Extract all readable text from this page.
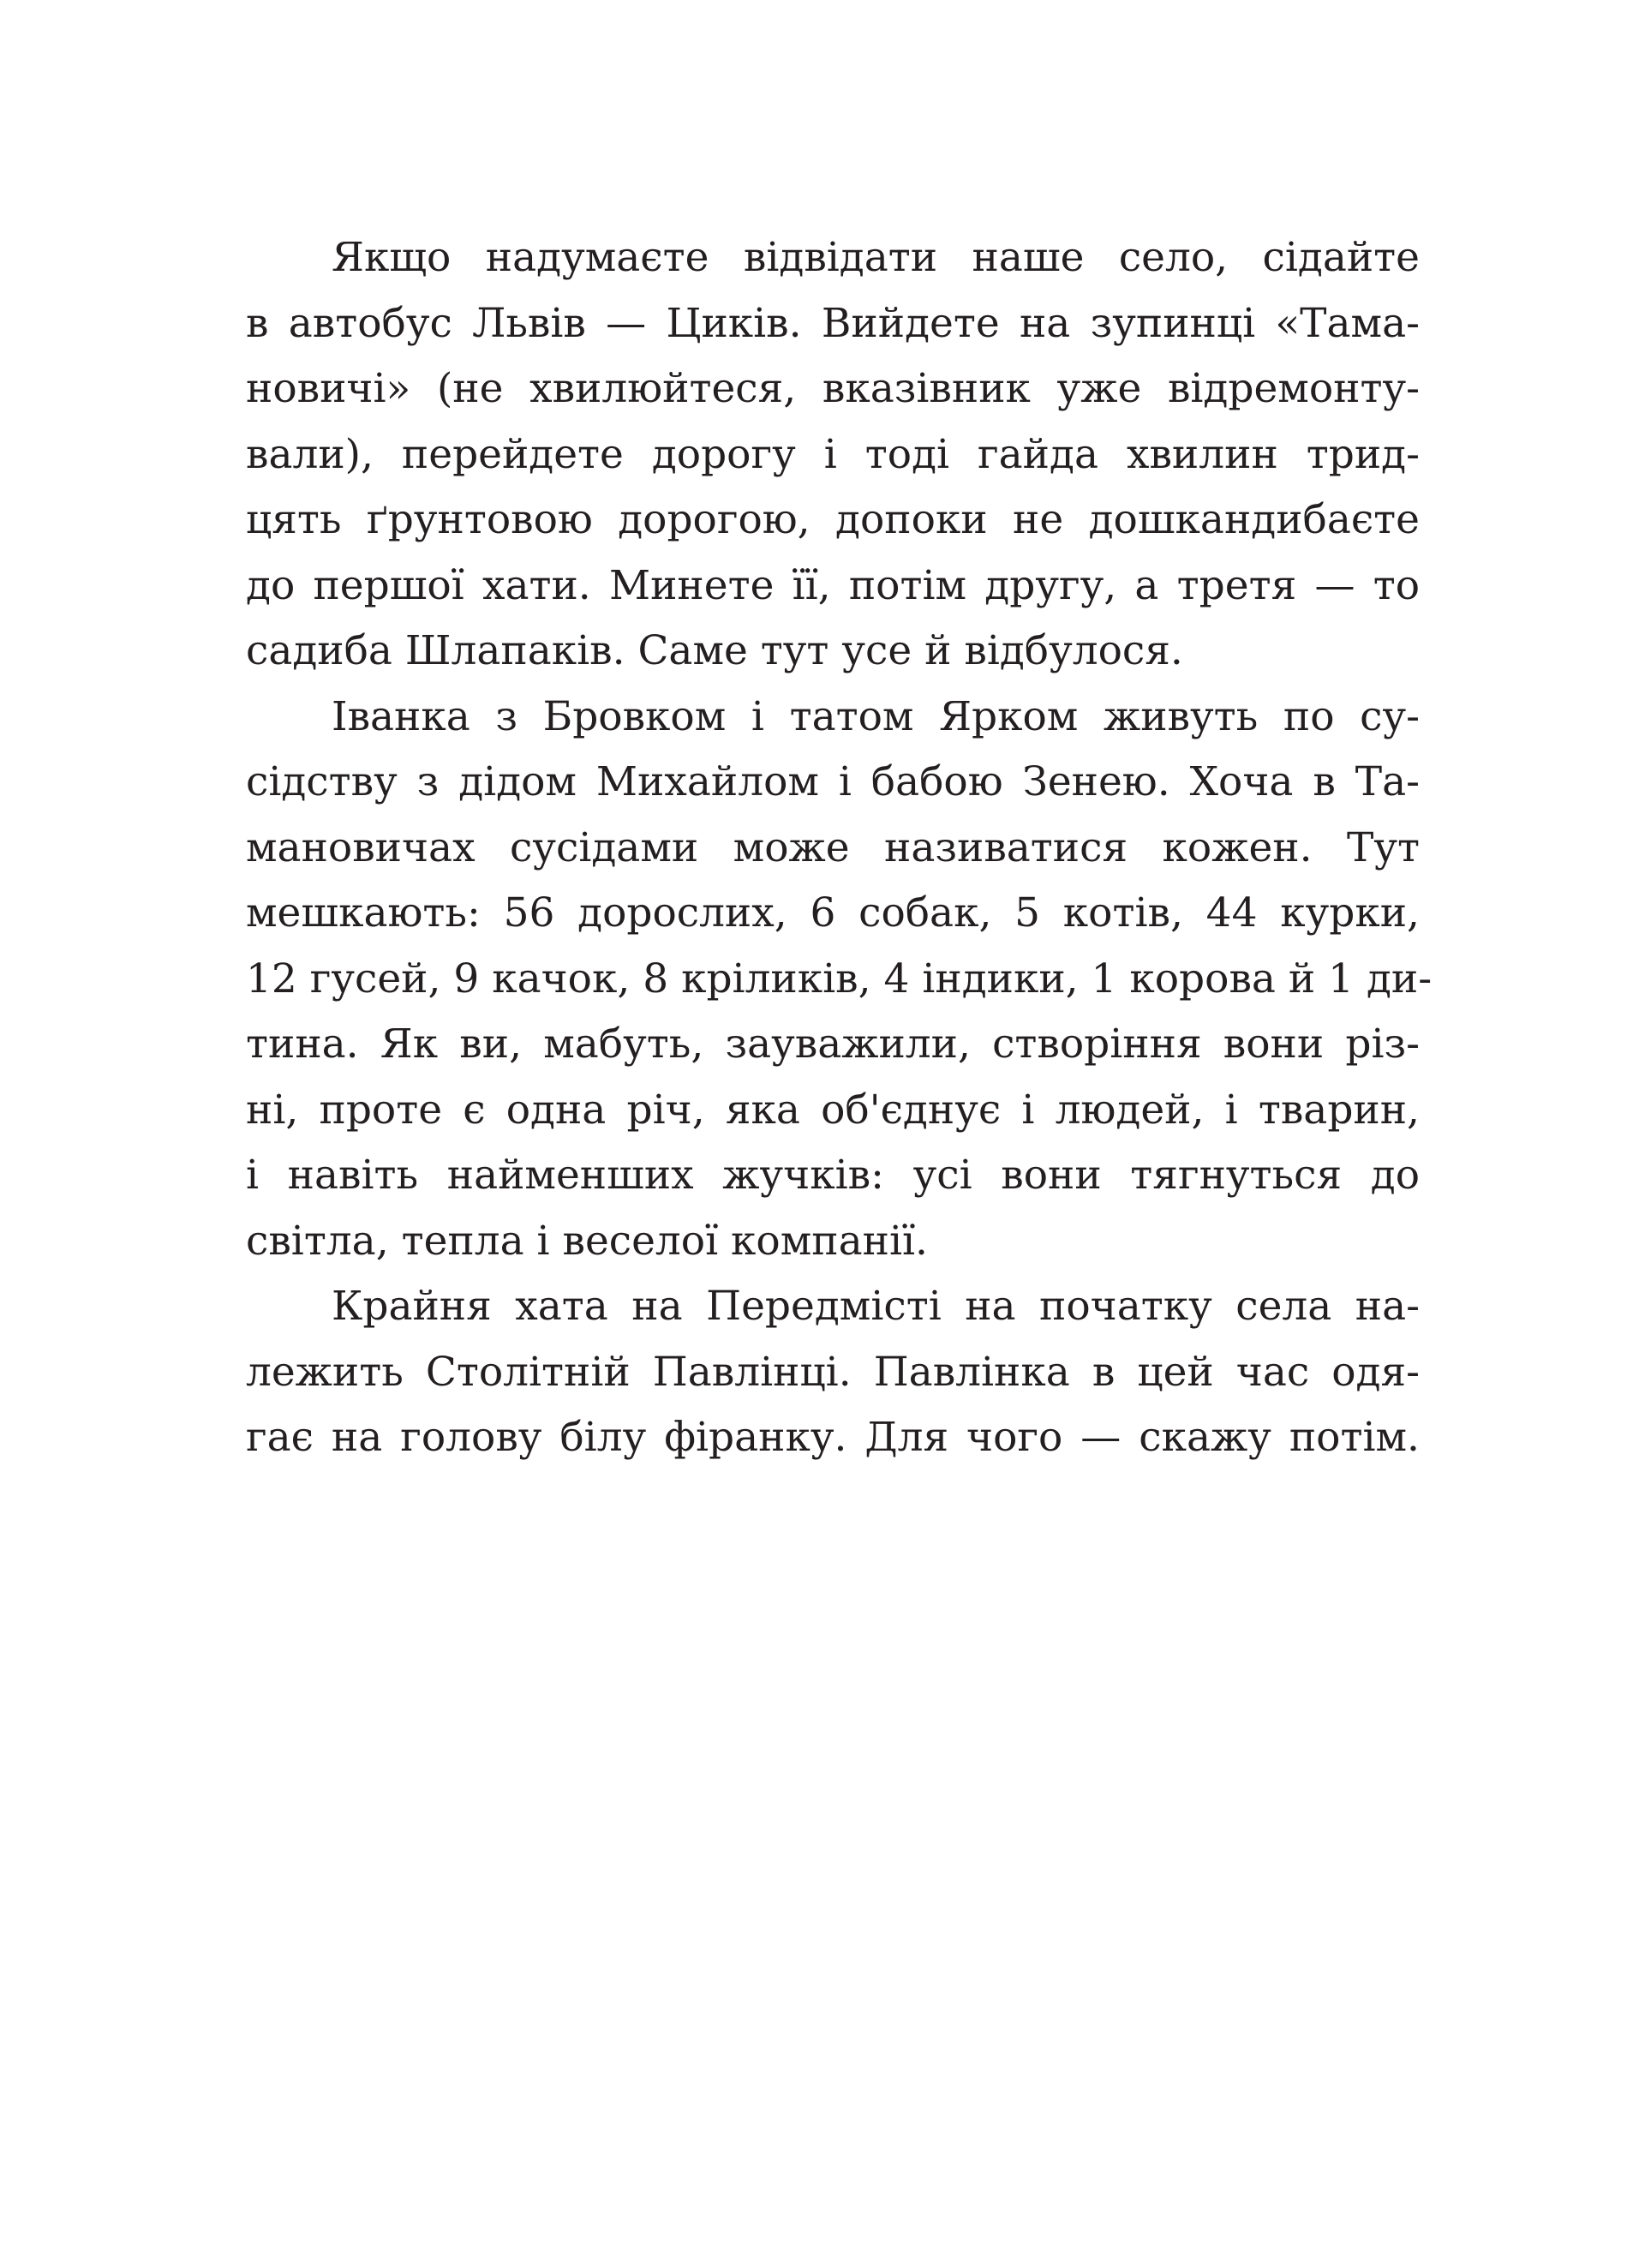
Якщо надумаєте відвідати наше село, сідайте
в автобус Львів — Циків. Вийдете на зупинці «Тама-
новичі» (не хвилюйтеся, вказівник уже відремонту-
вали), перейдете дорогу і тоді гайда хвилин трид-
цять ґрунтовою дорогою, допоки не дошкандибаєте
до першої хати. Минете її, потім другу, а третя — то
садиба Шлапаків. Саме тут усе й відбулося.
Іванка з Бровком і татом Ярком живуть по су-
сідству з дідом Михайлом і бабою Зенею. Хоча в Та-
мановичах сусідами може називатися кожен. Тут
мешкають: 56 дорослих, 6 собак, 5 котів, 44 курки,
12 гусей, 9 качок, 8 кріликів, 4 індики, 1 корова й 1 ди-
тина. Як ви, мабуть, зауважили, створіння вони різ-
ні, проте є одна річ, яка об'єднує і людей, і тварин,
і навіть найменших жучків: усі вони тягнуться до
світла, тепла і веселої компанії.
Крайня хата на Передмісті на початку села на-
лежить Столітній Павлінці. Павлінка в цей час одя-
гає на голову білу фіранку. Для чого — скажу потім.
